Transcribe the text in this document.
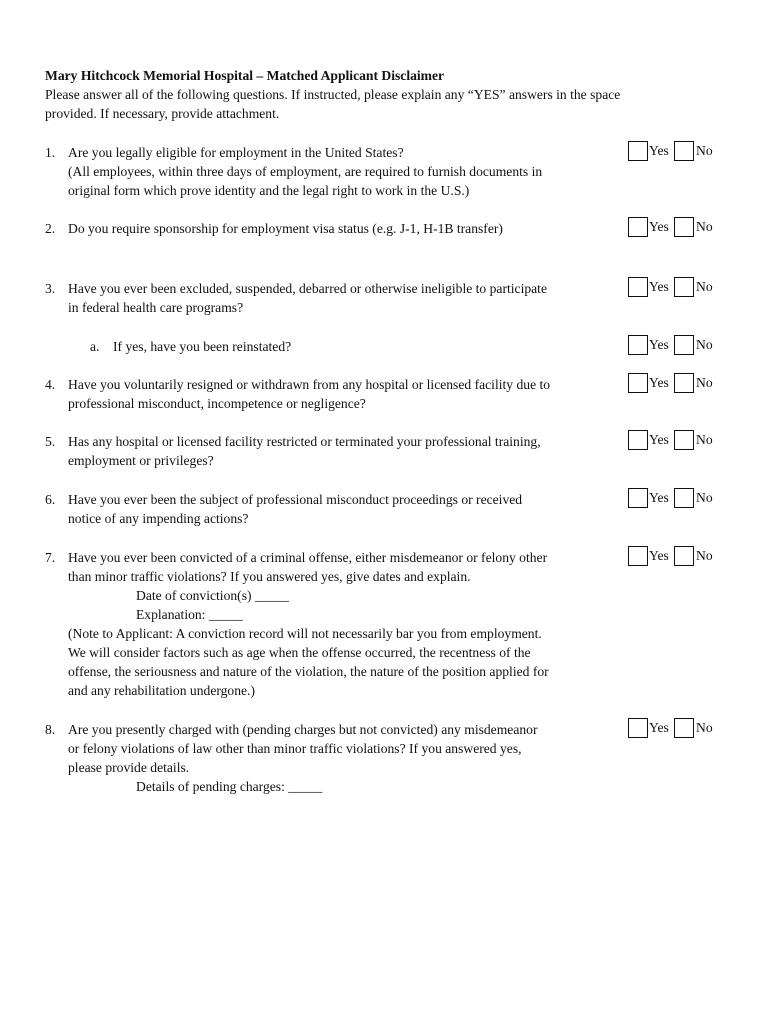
Mary Hitchcock Memorial Hospital – Matched Applicant Disclaimer
Please answer all of the following questions. If instructed, please explain any “YES” answers in the space
provided. If necessary, provide attachment.
1. Are you legally eligible for employment in the United States?
(All employees, within three days of employment, are required to furnish documents in
original form which prove identity and the legal right to work in the U.S.)
Yes No
2. Do you require sponsorship for employment visa status (e.g. J-1, H-1B transfer)	Yes No
3. Have you ever been excluded, suspended, debarred or otherwise ineligible to participate
in federal health care programs?
Yes No
a. If yes, have you been reinstated?	Yes No
4. Have you voluntarily resigned or withdrawn from any hospital or licensed facility due to
professional misconduct, incompetence or negligence?
Yes No
5. Has any hospital or licensed facility restricted or terminated your professional training,
employment or privileges?
Yes No
6. Have you ever been the subject of professional misconduct proceedings or received
notice of any impending actions?
Yes No
7. Have you ever been convicted of a criminal offense, either misdemeanor or felony other
than minor traffic violations? If you answered yes, give dates and explain.
Date of conviction(s) _____
Explanation: _____
(Note to Applicant: A conviction record will not necessarily bar you from employment.
We will consider factors such as age when the offense occurred, the recentness of the
offense, the seriousness and nature of the violation, the nature of the position applied for
and any rehabilitation undergone.)
Yes No
8. Are you presently charged with (pending charges but not convicted) any misdemeanor
or felony violations of law other than minor traffic violations? If you answered yes,
please provide details.
Details of pending charges: _____
Yes No
